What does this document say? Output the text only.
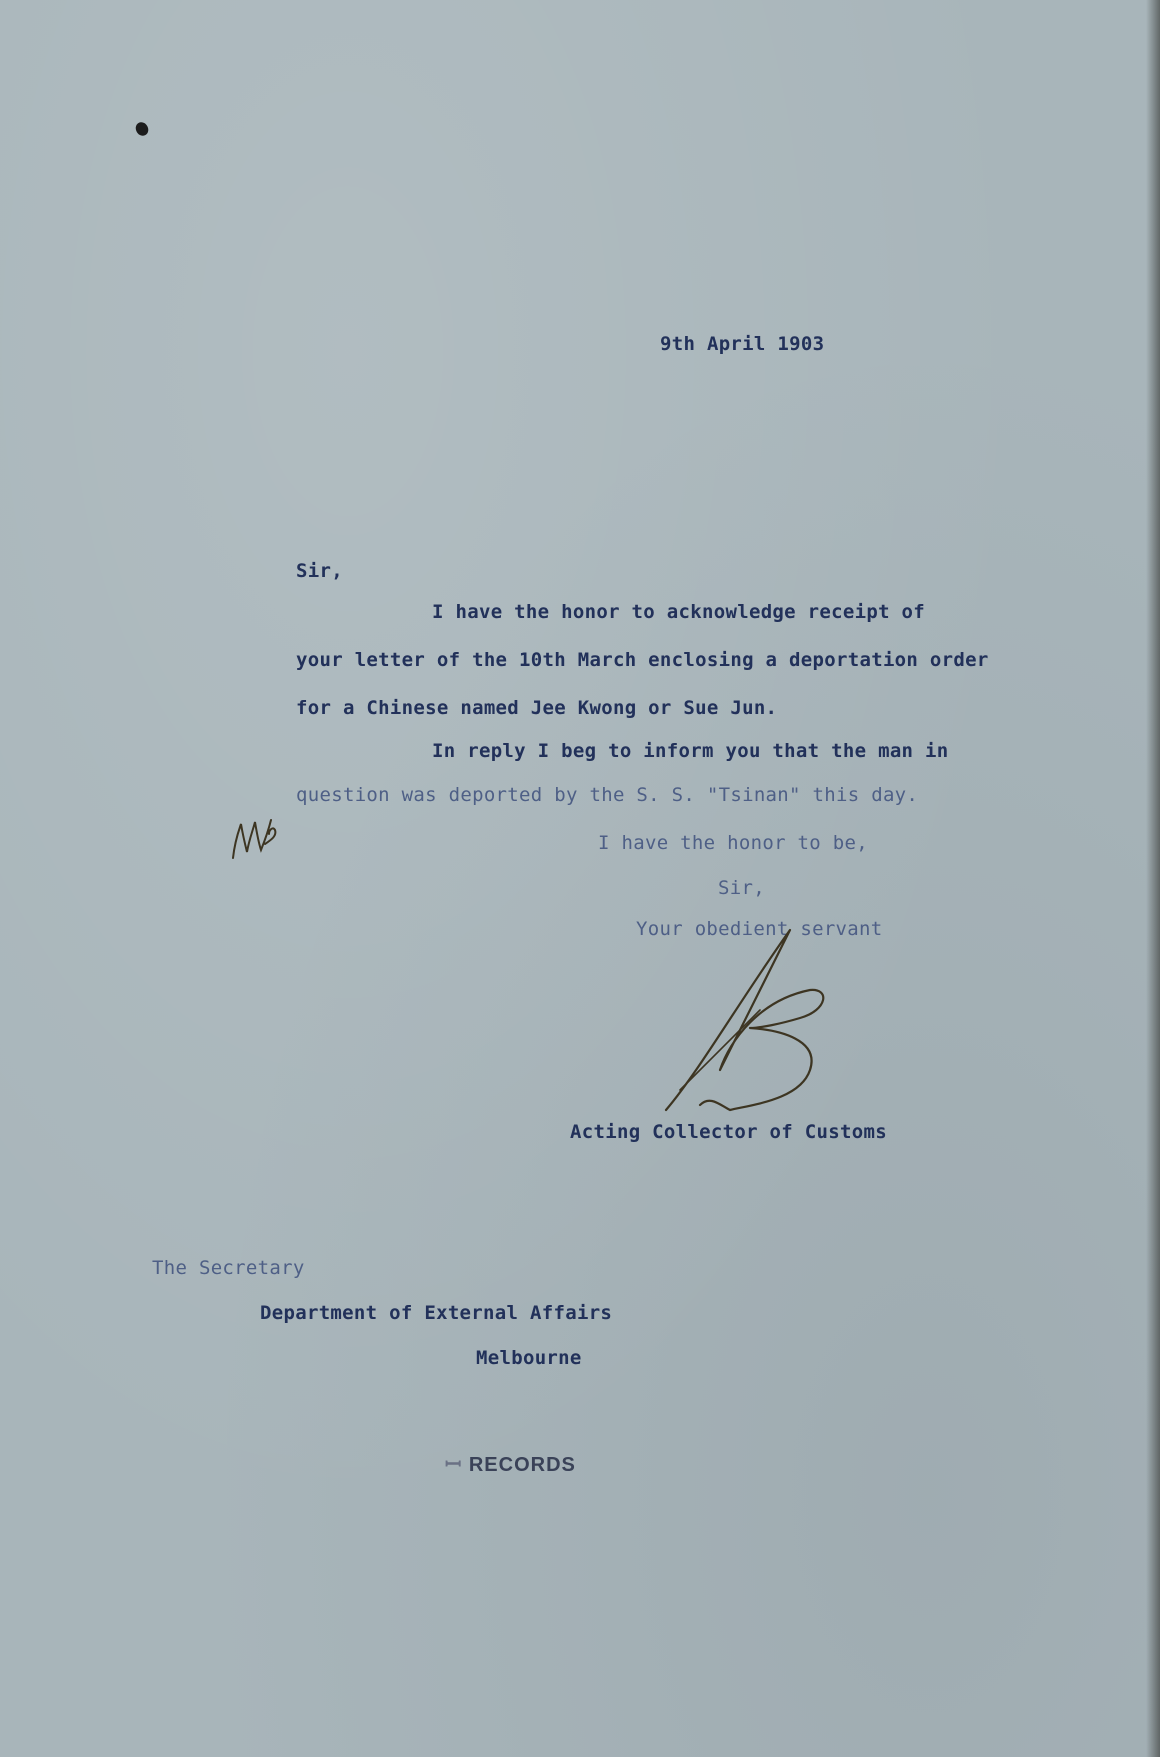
9th April 1903

Sir,

I have the honor to acknowledge receipt of

your letter of the 10th March enclosing a deportation order

for a Chinese named Jee Kwong or Sue Jun.

In reply I beg to inform you that the man in

question was deported by the S. S. "Tsinan" this day.

I have the honor to be,

Sir,

Your obedient servant

Acting Collector of Customs

The Secretary

Department of External Affairs

Melbourne

ꟷ RECORDS
